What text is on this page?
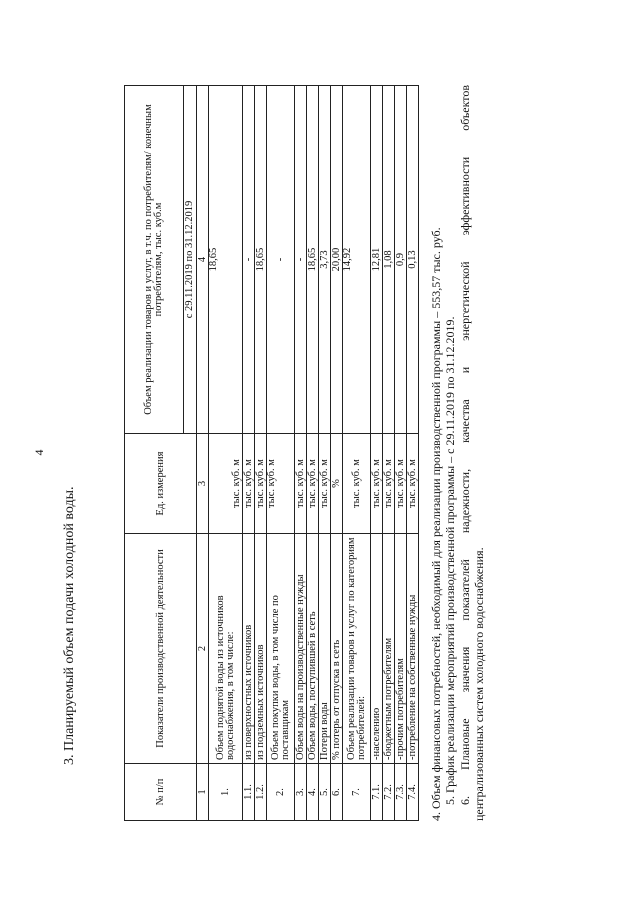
4
3. Планируемый объем подачи холодной воды.
№ п/п	Показатели производственной деятельности	Ед. измерения	Объем реализации товаров и услуг, в т.ч. по потребителям/ конечным потребителям, тыс. куб.м
			с 29.11.2019 по 31.12.2019
1	2	3	4
1.	Объем поднятой воды из источников водоснабжения, в том числе:	тыс. куб. м	18,65
1.1.	из поверхностных источников	тыс. куб. м	-
1.2.	из подземных источников	тыс. куб. м	18,65
2.	Объем покупки воды, в том числе по поставщикам	тыс. куб. м	-
3.	Объем воды на производственные нужды	тыс. куб. м	-
4.	Объем воды, поступившей в сеть	тыс. куб. м	18,65
5.	Потери воды	тыс. куб. м	3,73
6.	% потерь от отпуска в сеть	%	20,00
7.	Объем реализации товаров и услуг по категориям потребителей:	тыс. куб. м	14,92
7.1.	-населению	тыс. куб. м	12,81
7.2.	-бюджетным потребителям	тыс. куб. м	1,08
7.3.	-прочим потребителям	тыс. куб. м	0,9
7.4.	-потребление на собственные нужды	тыс. куб. м	0,13 4. Объем финансовых потребностей, необходимый для реализации производственной программы – 553,57 тыс. руб. 5. График реализации мероприятий производственной программы – с 29.11.2019 по 31.12.2019. 6. Плановые значения показателей надежности, качества и энергетической эффективности объектов централизованных систем холодного водоснабжения.
